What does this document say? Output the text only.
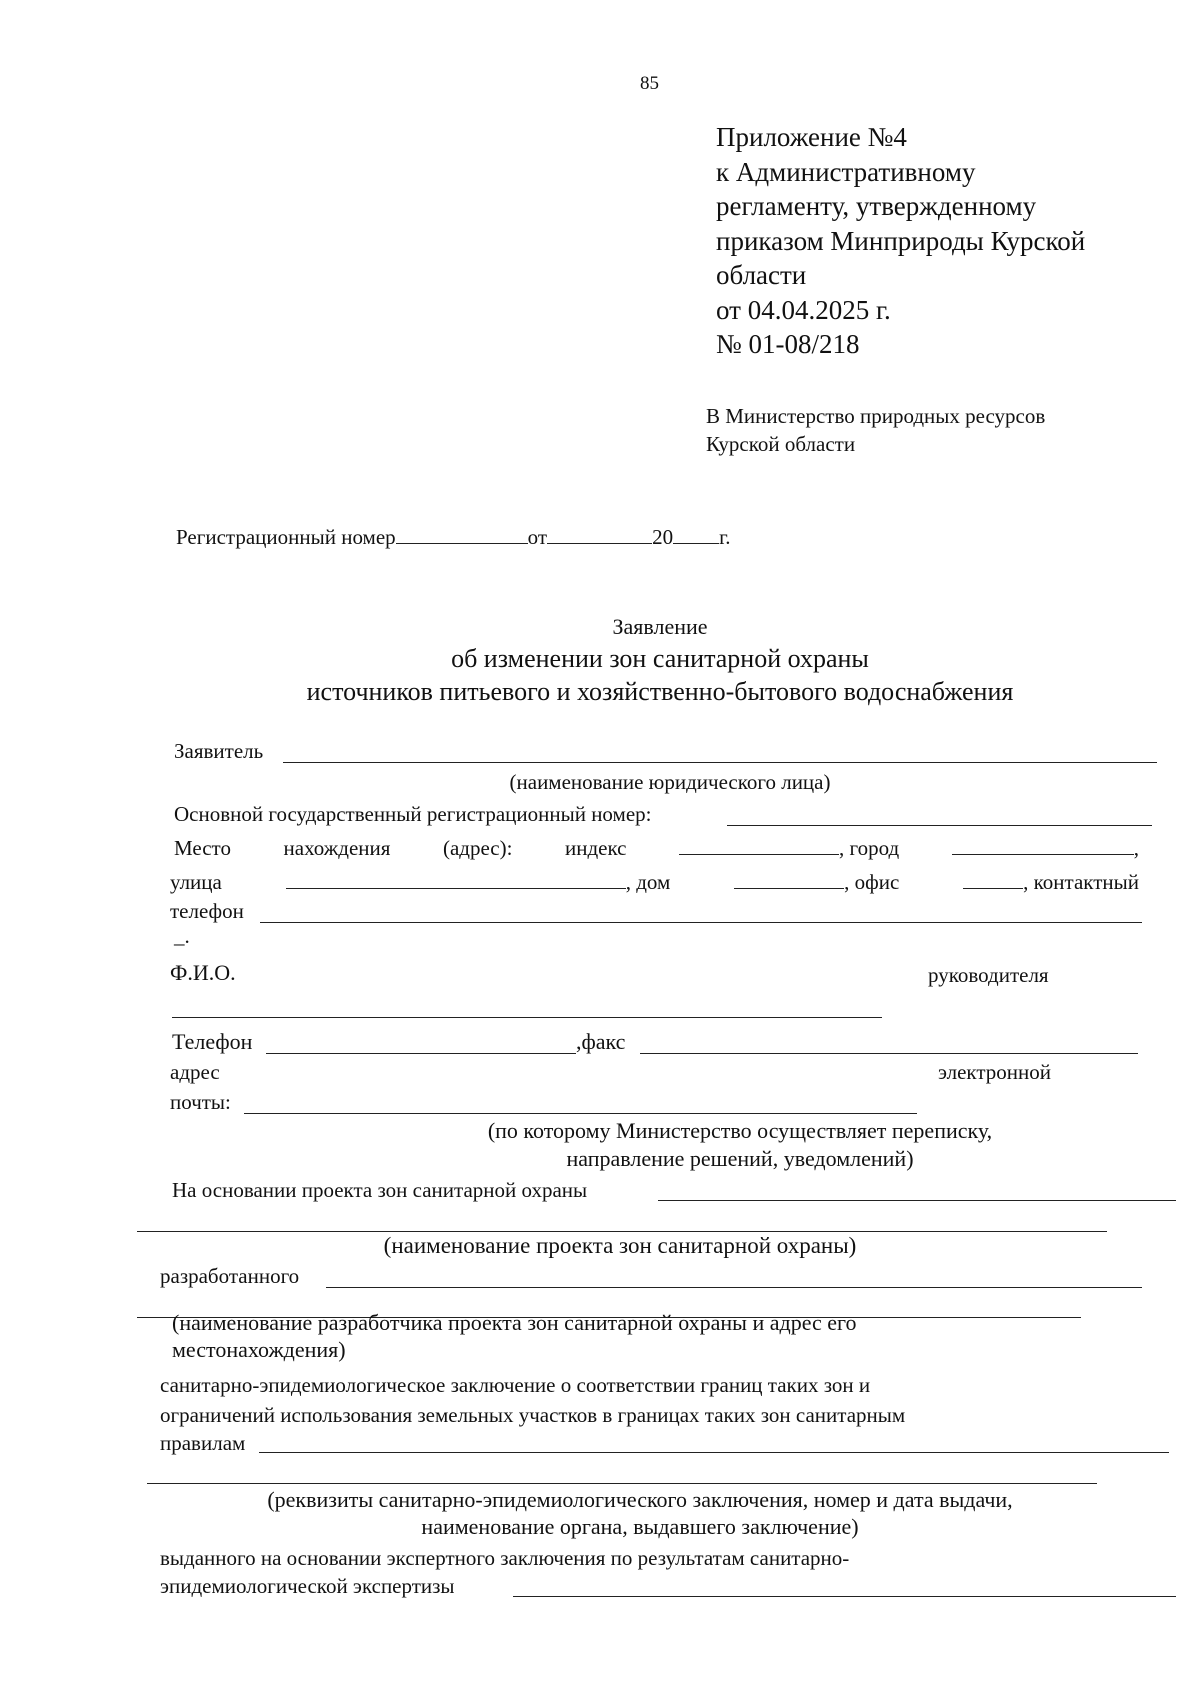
85
Приложение №4
к Административному
регламенту, утвержденному
приказом Минприроды Курской
области
от 04.04.2025 г.
№ 01-08/218
В Министерство природных ресурсов
Курской области
Регистрационный номер	от	20 г.
Заявление
об изменении зон санитарной охраны
источников питьевого и хозяйственно-бытового водоснабжения
Заявитель
(наименование юридического лица)
Основной государственный регистрационный номер:
Место	нахождения	(адрес):	индекс	, город	,
улица	, дом	, офис	, контактный
телефон
_.
Ф.И.О.	руководителя
Телефон	,факс
адрес	электронной
почты:
(по которому Министерство осуществляет переписку,
направление решений, уведомлений)
На основании проекта зон санитарной охраны
(наименование проекта зон санитарной охраны)
разработанного
(наименование разработчика проекта зон санитарной охраны и адрес его
местонахождения)
санитарно-эпидемиологическое заключение о соответствии границ таких зон и
ограничений использования земельных участков в границах таких зон санитарным
правилам
(реквизиты санитарно-эпидемиологического заключения, номер и дата выдачи,
наименование органа, выдавшего заключение)
выданного на основании экспертного заключения по результатам санитарно-
эпидемиологической экспертизы
